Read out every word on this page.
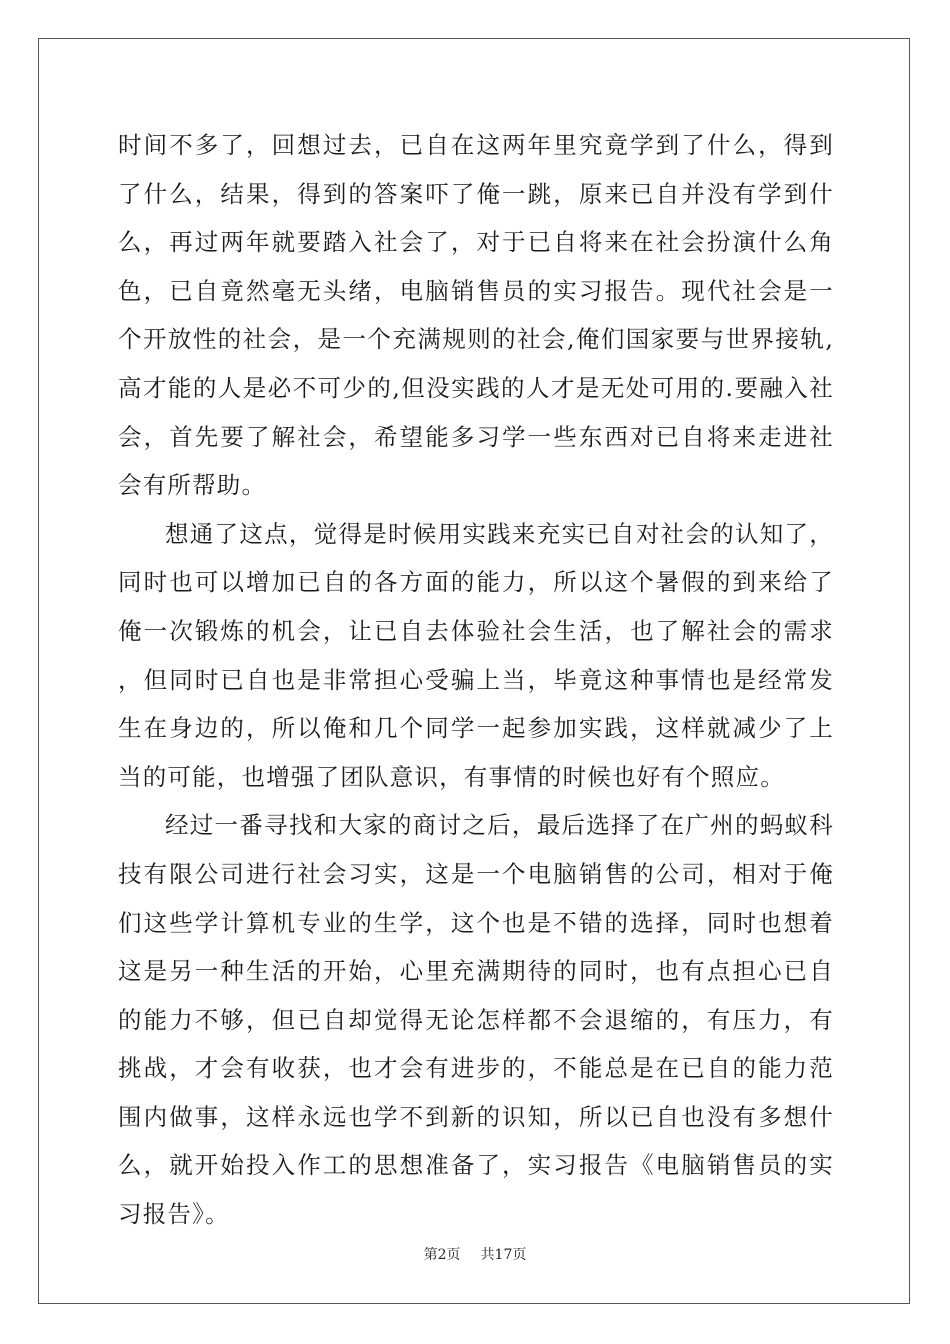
时间不多了，回想过去，已自在这两年里究竟学到了什么，得到了什么，结果，得到的答案吓了俺一跳，原来已自并没有学到什么，再过两年就要踏入社会了，对于已自将来在社会扮演什么角色，已自竟然毫无头绪，电脑销售员的实习报告。现代社会是一个开放性的社会，是一个充满规则的社会,俺们国家要与世界接轨,高才能的人是必不可少的,但没实践的人才是无处可用的.要融入社会，首先要了解社会，希望能多习学一些东西对已自将来走进社会有所帮助。

想通了这点，觉得是时候用实践来充实已自对社会的认知了，同时也可以增加已自的各方面的能力，所以这个暑假的到来给了俺一次锻炼的机会，让已自去体验社会生活，也了解社会的需求，但同时已自也是非常担心受骗上当，毕竟这种事情也是经常发生在身边的，所以俺和几个同学一起参加实践，这样就减少了上当的可能，也增强了团队意识，有事情的时候也好有个照应。

经过一番寻找和大家的商讨之后，最后选择了在广州的蚂蚁科技有限公司进行社会习实，这是一个电脑销售的公司，相对于俺们这些学计算机专业的生学，这个也是不错的选择，同时也想着这是另一种生活的开始，心里充满期待的同时，也有点担心已自的能力不够，但已自却觉得无论怎样都不会退缩的，有压力，有挑战，才会有收获，也才会有进步的，不能总是在已自的能力范围内做事，这样永远也学不到新的识知，所以已自也没有多想什么，就开始投入作工的思想准备了，实习报告《电脑销售员的实习报告》。

第2页 共17页
